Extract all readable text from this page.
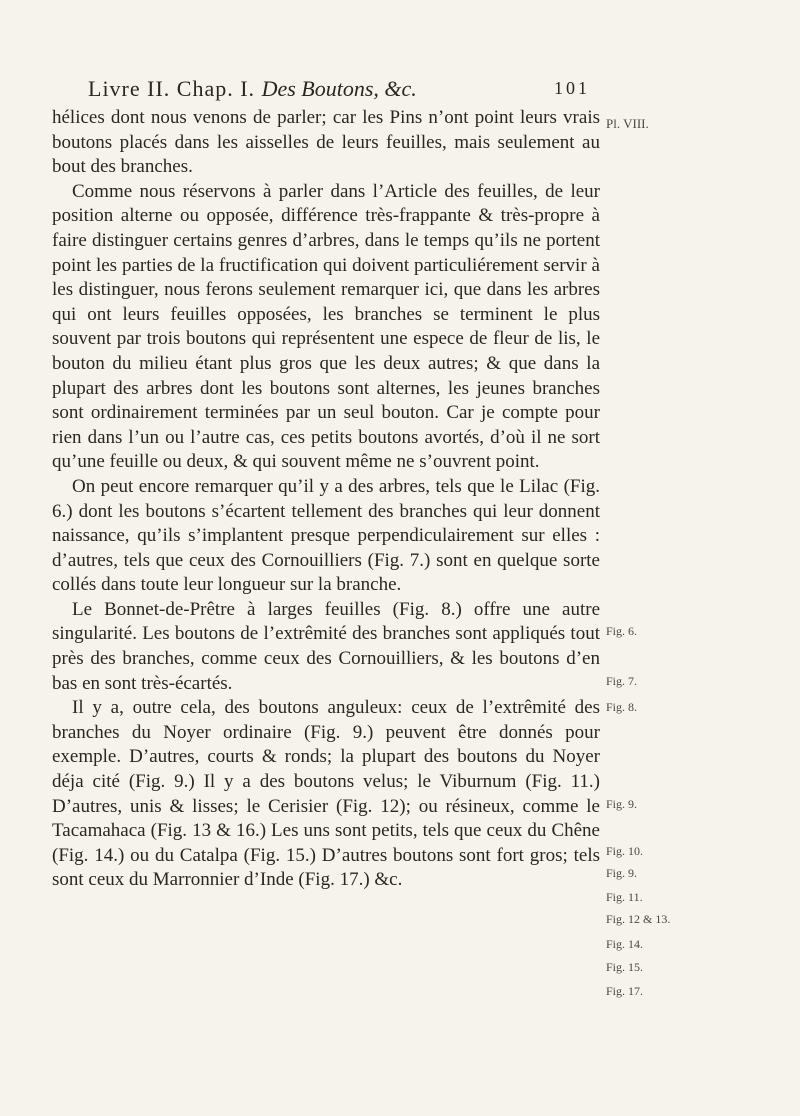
Livre II. Chap. I. Des Boutons, &c.	101

hélices dont nous venons de parler; car les Pins n’ont point leurs vrais boutons placés dans les aisselles de leurs feuilles, mais seulement au bout des branches.

Comme nous réservons à parler dans l’Article des feuilles, de leur position alterne ou opposée, différence très-frappante & très-propre à faire distinguer certains genres d’arbres, dans le temps qu’ils ne portent point les parties de la fructification qui doivent particuliérement servir à les distinguer, nous ferons seulement remarquer ici, que dans les arbres qui ont leurs feuilles opposées, les branches se terminent le plus souvent par trois boutons qui représentent une espece de fleur de lis, le bouton du milieu étant plus gros que les deux autres; & que dans la plupart des arbres dont les boutons sont alternes, les jeunes branches sont ordinairement terminées par un seul bouton. Car je compte pour rien dans l’un ou l’autre cas, ces petits boutons avortés, d’où il ne sort qu’une feuille ou deux, & qui souvent même ne s’ouvrent point.

On peut encore remarquer qu’il y a des arbres, tels que le Lilac (Fig. 6.) dont les boutons s’écartent tellement des branches qui leur donnent naissance, qu’ils s’implantent presque perpendiculairement sur elles : d’autres, tels que ceux des Cornouilliers (Fig. 7.) sont en quelque sorte collés dans toute leur longueur sur la branche.

Le Bonnet-de-Prêtre à larges feuilles (Fig. 8.) offre une autre singularité. Les boutons de l’extrêmité des branches sont appliqués tout près des branches, comme ceux des Cornouilliers, & les boutons d’en bas en sont très-écartés.

Il y a, outre cela, des boutons anguleux: ceux de l’extrêmité des branches du Noyer ordinaire (Fig. 9.) peuvent être donnés pour exemple. D’autres, courts & ronds; la plupart des boutons du Noyer déja cité (Fig. 9.) Il y a des boutons velus; le Viburnum (Fig. 11.) D’autres, unis & lisses; le Cerisier (Fig. 12); ou résineux, comme le Tacamahaca (Fig. 13 & 16.) Les uns sont petits, tels que ceux du Chêne (Fig. 14.) ou du Catalpa (Fig. 15.) D’autres boutons sont fort gros; tels sont ceux du Marronnier d’Inde (Fig. 17.) &c.

Pl. VIII.
Fig. 6.
Fig. 7.
Fig. 8.
Fig. 9.
Fig. 10.
Fig. 9.
Fig. 11.
Fig. 12 & 13.
Fig. 14.
Fig. 15.
Fig. 17.
